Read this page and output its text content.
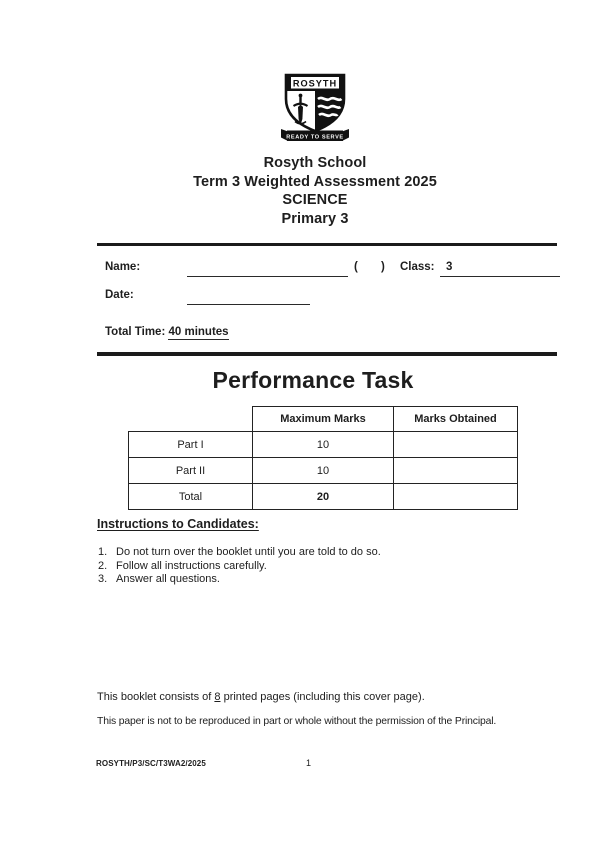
ROSYTH
READY TO SERVE
Rosyth School
Term 3 Weighted Assessment 2025
SCIENCE
Primary 3
Name:	( ) Class: 3
Date:
Total Time: 40 minutes
Performance Task
	Maximum Marks	Marks Obtained
Part I	10	
Part II	10	
Total	20	
Instructions to Candidates:
1. Do not turn over the booklet until you are told to do so.
2. Follow all instructions carefully.
3. Answer all questions.
This booklet consists of 8 printed pages (including this cover page).
This paper is not to be reproduced in part or whole without the permission of the Principal.
ROSYTH/P3/SC/T3WA2/2025	1
